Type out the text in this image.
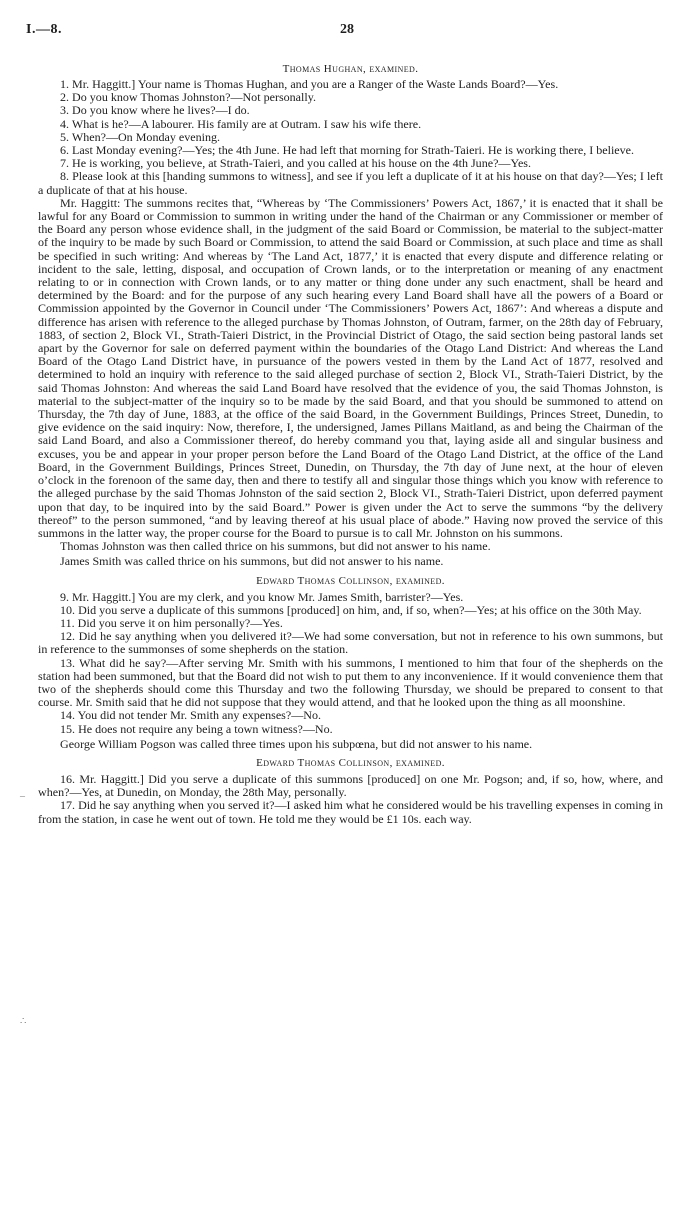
I.—8.	28
–
∴

Thomas Hughan, examined.

1. Mr. Haggitt.] Your name is Thomas Hughan, and you are a Ranger of the Waste Lands Board?—Yes.

2. Do you know Thomas Johnston?—Not personally.

3. Do you know where he lives?—I do.

4. What is he?—A labourer. His family are at Outram. I saw his wife there.

5. When?—On Monday evening.

6. Last Monday evening?—Yes; the 4th June. He had left that morning for Strath-Taieri. He is working there, I believe.

7. He is working, you believe, at Strath-Taieri, and you called at his house on the 4th June?—Yes.

8. Please look at this [handing summons to witness], and see if you left a duplicate of it at his house on that day?—Yes; I left a duplicate of that at his house.

Mr. Haggitt: The summons recites that, “Whereas by ‘The Commissioners’ Powers Act, 1867,’ it is enacted that it shall be lawful for any Board or Commission to summon in writing under the hand of the Chairman or any Commissioner or member of the Board any person whose evidence shall, in the judgment of the said Board or Commission, be material to the subject-matter of the inquiry to be made by such Board or Commission, to attend the said Board or Commission, at such place and time as shall be specified in such writing: And whereas by ‘The Land Act, 1877,’ it is enacted that every dispute and difference relating or incident to the sale, letting, disposal, and occupation of Crown lands, or to the interpretation or meaning of any enactment relating to or in connection with Crown lands, or to any matter or thing done under any such enactment, shall be heard and determined by the Board: and for the purpose of any such hearing every Land Board shall have all the powers of a Board or Commission appointed by the Governor in Council under ‘The Commissioners’ Powers Act, 1867’: And whereas a dispute and difference has arisen with reference to the alleged purchase by Thomas Johnston, of Outram, farmer, on the 28th day of February, 1883, of section 2, Block VI., Strath-Taieri District, in the Provincial District of Otago, the said section being pastoral lands set apart by the Governor for sale on deferred payment within the boundaries of the Otago Land District: And whereas the Land Board of the Otago Land District have, in pursuance of the powers vested in them by the Land Act of 1877, resolved and determined to hold an inquiry with reference to the said alleged purchase of section 2, Block VI., Strath-Taieri District, by the said Thomas Johnston: And whereas the said Land Board have resolved that the evidence of you, the said Thomas Johnston, is material to the subject-matter of the inquiry so to be made by the said Board, and that you should be summoned to attend on Thursday, the 7th day of June, 1883, at the office of the said Board, in the Government Buildings, Princes Street, Dunedin, to give evidence on the said inquiry: Now, therefore, I, the undersigned, James Pillans Maitland, as and being the Chairman of the said Land Board, and also a Commissioner thereof, do hereby command you that, laying aside all and singular business and excuses, you be and appear in your proper person before the Land Board of the Otago Land District, at the office of the Land Board, in the Government Buildings, Princes Street, Dunedin, on Thursday, the 7th day of June next, at the hour of eleven o’clock in the forenoon of the same day, then and there to testify all and singular those things which you know with reference to the alleged purchase by the said Thomas Johnston of the said section 2, Block VI., Strath-Taieri District, upon deferred payment upon that day, to be inquired into by the said Board.” Power is given under the Act to serve the summons “by the delivery thereof” to the person summoned, “and by leaving thereof at his usual place of abode.” Having now proved the service of this summons in the latter way, the proper course for the Board to pursue is to call Mr. Johnston on his summons.

Thomas Johnston was then called thrice on his summons, but did not answer to his name.

James Smith was called thrice on his summons, but did not answer to his name.

Edward Thomas Collinson, examined.

9. Mr. Haggitt.] You are my clerk, and you know Mr. James Smith, barrister?—Yes.

10. Did you serve a duplicate of this summons [produced] on him, and, if so, when?—Yes; at his office on the 30th May.

11. Did you serve it on him personally?—Yes.

12. Did he say anything when you delivered it?—We had some conversation, but not in reference to his own summons, but in reference to the summonses of some shepherds on the station.

13. What did he say?—After serving Mr. Smith with his summons, I mentioned to him that four of the shepherds on the station had been summoned, but that the Board did not wish to put them to any inconvenience. If it would convenience them that two of the shepherds should come this Thursday and two the following Thursday, we should be prepared to consent to that course. Mr. Smith said that he did not suppose that they would attend, and that he looked upon the thing as all moonshine.

14. You did not tender Mr. Smith any expenses?—No.

15. He does not require any being a town witness?—No.

George William Pogson was called three times upon his subpœna, but did not answer to his name.

Edward Thomas Collinson, examined.

16. Mr. Haggitt.] Did you serve a duplicate of this summons [produced] on one Mr. Pogson; and, if so, how, where, and when?—Yes, at Dunedin, on Monday, the 28th May, personally.

17. Did he say anything when you served it?—I asked him what he considered would be his travelling expenses in coming in from the station, in case he went out of town. He told me they would be £1 10s. each way.
